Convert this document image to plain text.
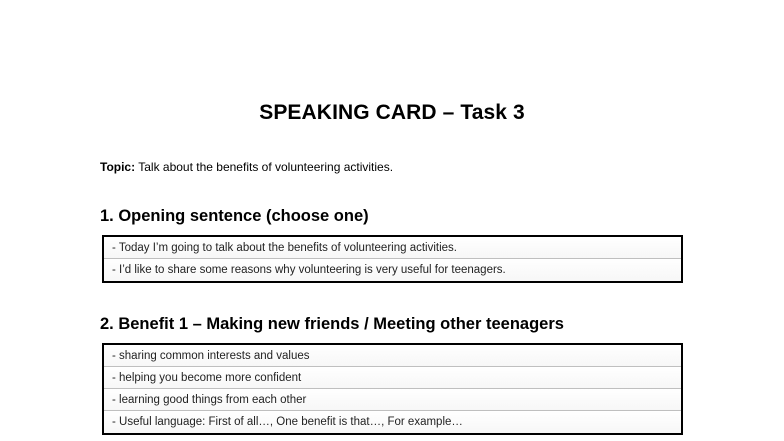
SPEAKING CARD – Task 3
Topic: Talk about the benefits of volunteering activities.
1. Opening sentence (choose one)
- Today I’m going to talk about the benefits of volunteering activities.
- I’d like to share some reasons why volunteering is very useful for teenagers.
2. Benefit 1 – Making new friends / Meeting other teenagers
- sharing common interests and values
- helping you become more confident
- learning good things from each other
- Useful language: First of all…, One benefit is that…, For example…
